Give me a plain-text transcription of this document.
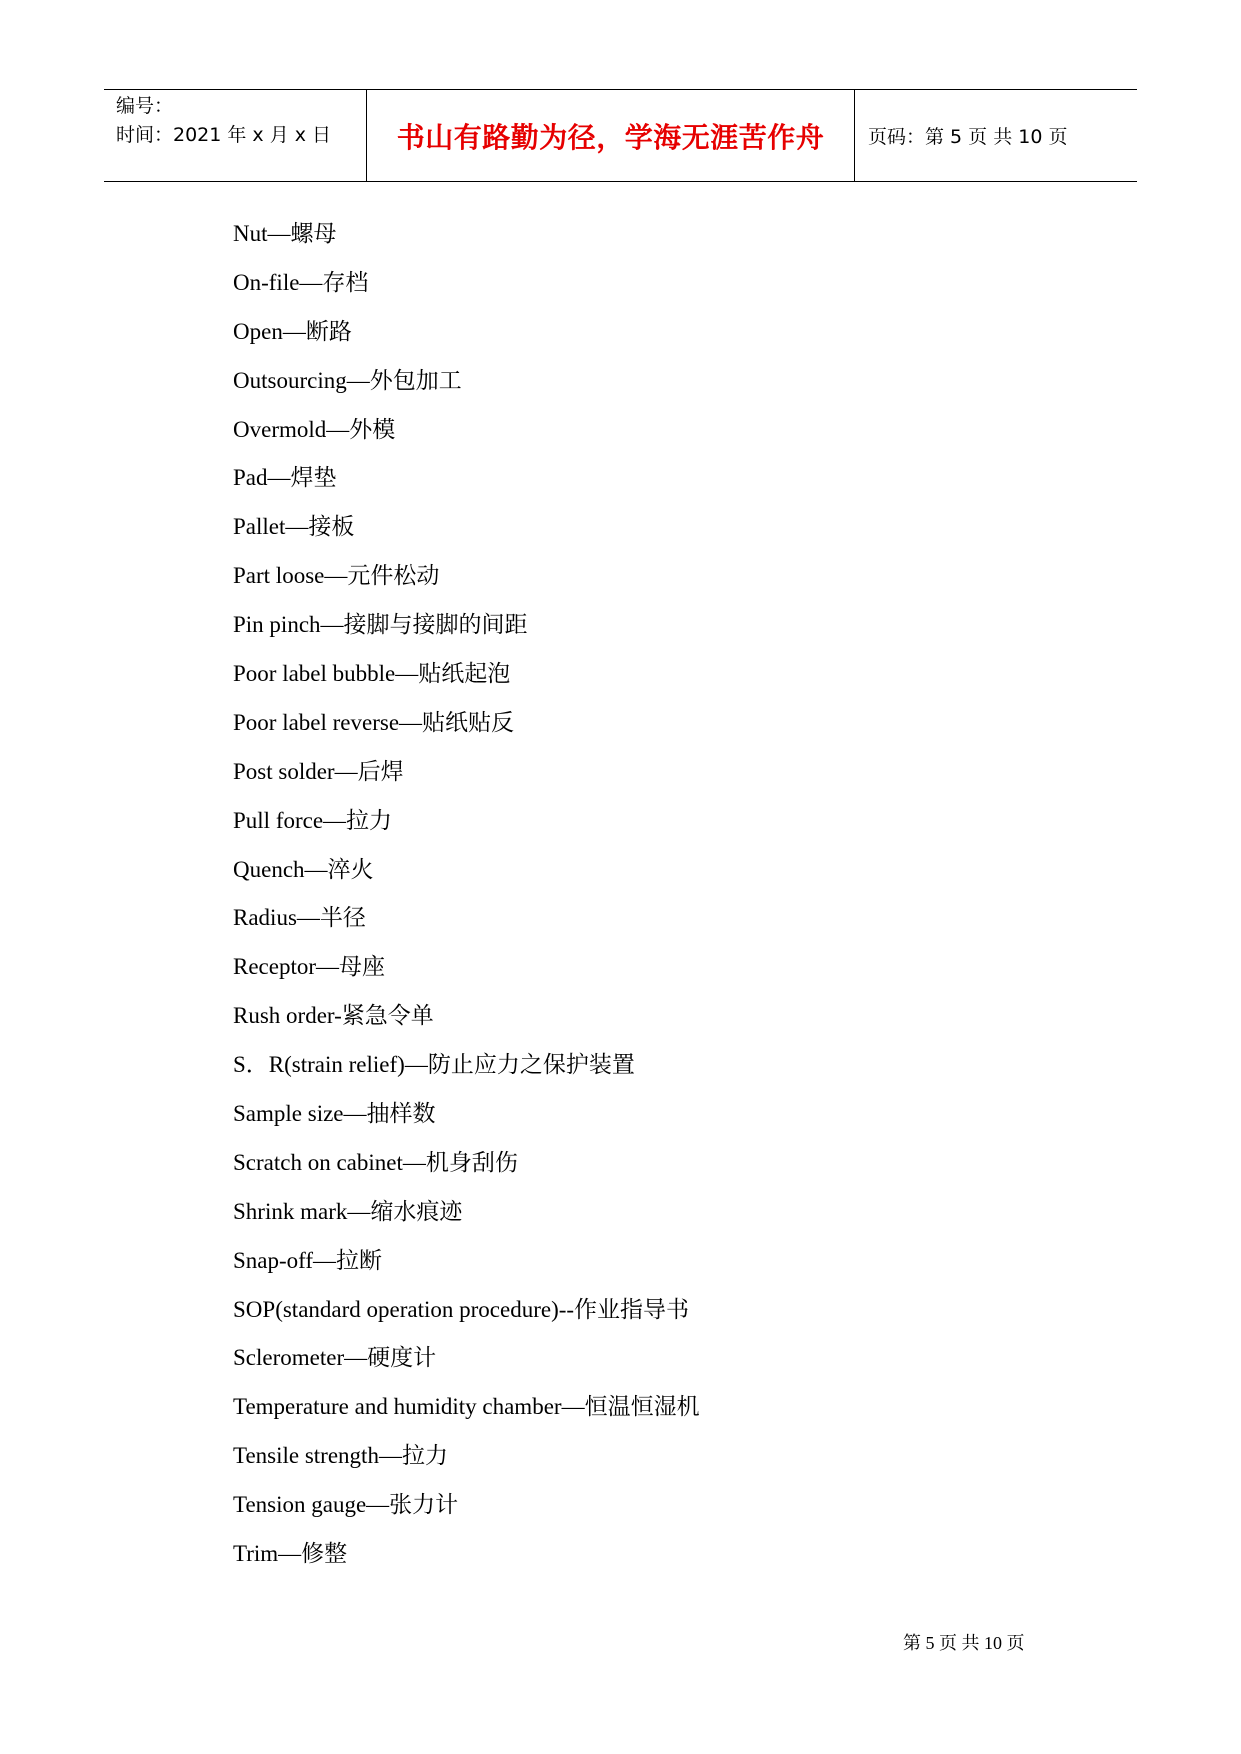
编号：
时间：2021 年 x 月 x 日	书山有路勤为径，学海无涯苦作舟 页码：第 5 页 共 10 页
Nut—螺母
On-file—存档
Open—断路
Outsourcing—外包加工
Overmold—外模
Pad—焊垫
Pallet—接板
Part loose—元件松动
Pin pinch—接脚与接脚的间距
Poor label bubble—贴纸起泡
Poor label reverse—贴纸贴反
Post solder—后焊
Pull force—拉力
Quench—淬火
Radius—半径
Receptor—母座
Rush order-紧急令单
S．R(strain relief)—防止应力之保护装置
Sample size—抽样数
Scratch on cabinet—机身刮伤
Shrink mark—缩水痕迹
Snap-off—拉断
SOP(standard operation procedure)--作业指导书
Sclerometer—硬度计
Temperature and humidity chamber—恒温恒湿机
Tensile strength—拉力
Tension gauge—张力计
Trim—修整
第 5 页 共 10 页
